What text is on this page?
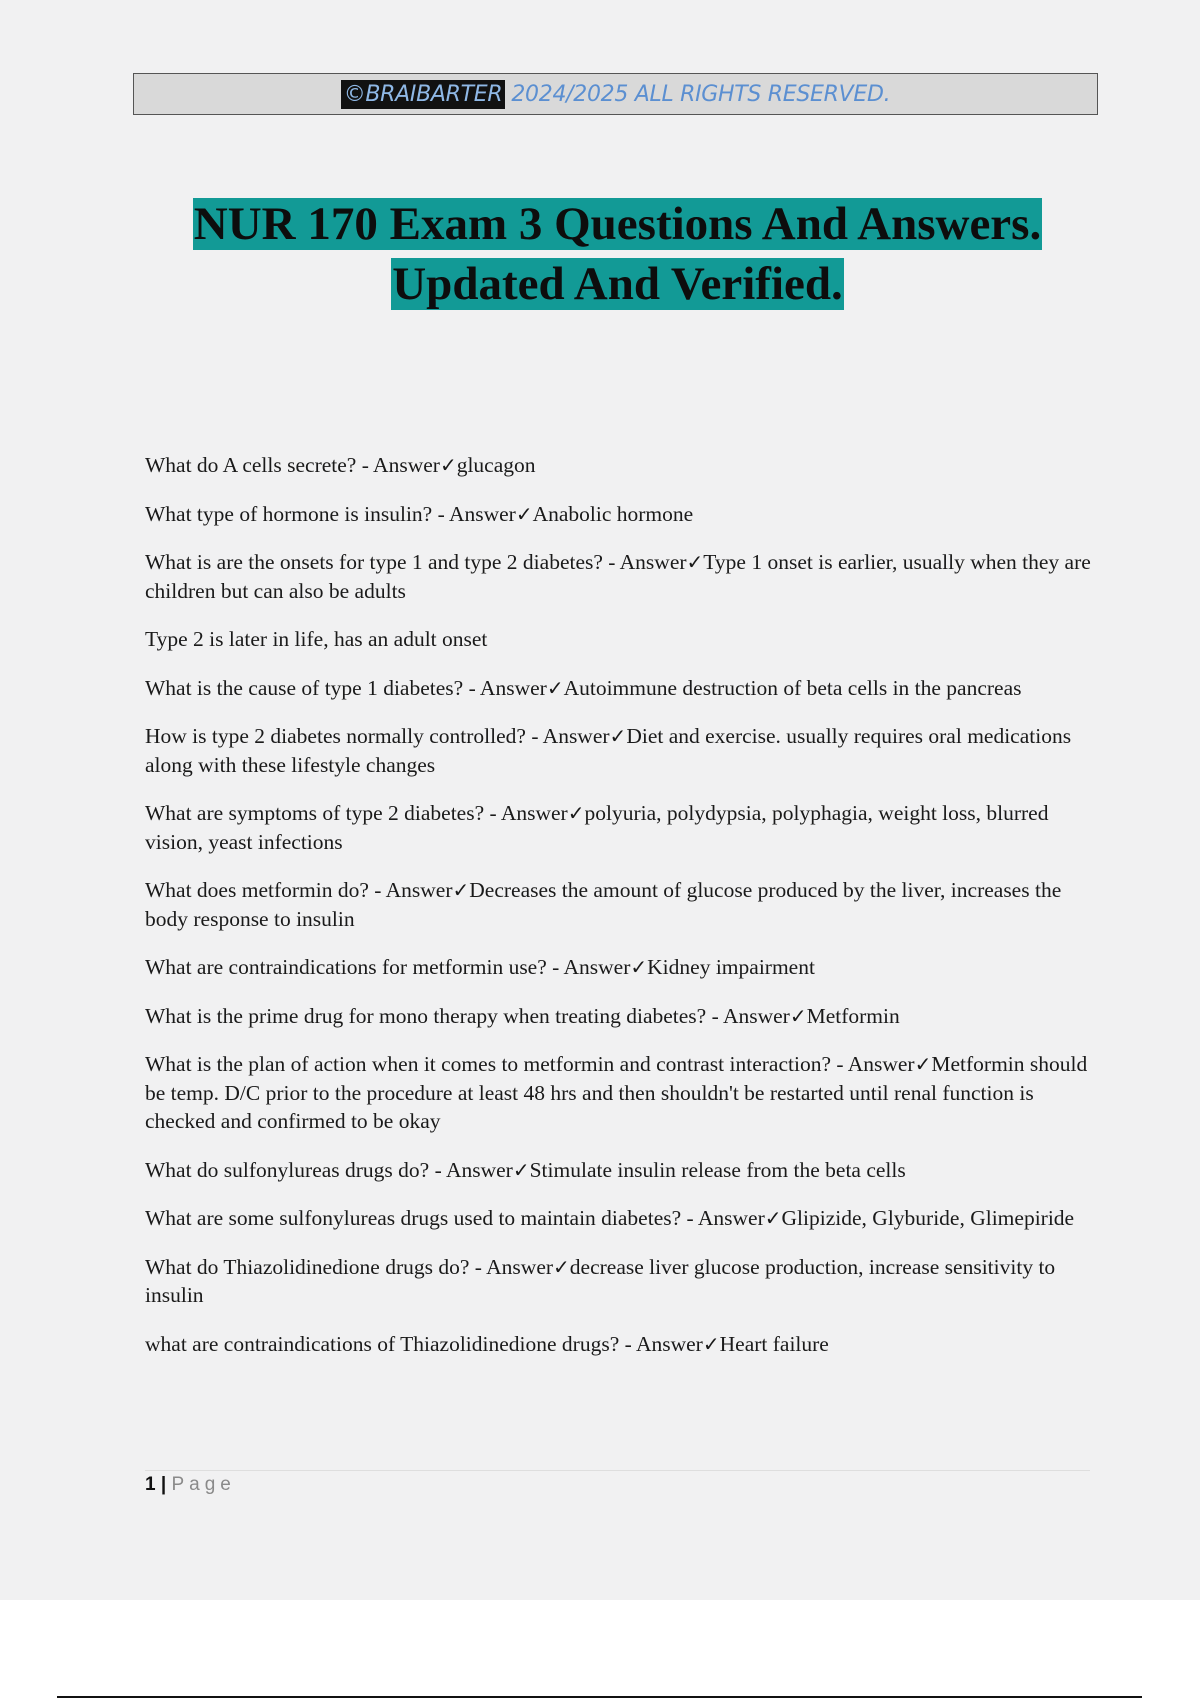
©BRAIBARTER 2024/2025 ALL RIGHTS RESERVED.
NUR 170 Exam 3 Questions And Answers.
Updated And Verified.
What do A cells secrete? - Answer✓glucagon
What type of hormone is insulin? - Answer✓Anabolic hormone
What is are the onsets for type 1 and type 2 diabetes? - Answer✓Type 1 onset is earlier, usually when they are children but can also be adults
Type 2 is later in life, has an adult onset
What is the cause of type 1 diabetes? - Answer✓Autoimmune destruction of beta cells in the pancreas
How is type 2 diabetes normally controlled? - Answer✓Diet and exercise. usually requires oral medications along with these lifestyle changes
What are symptoms of type 2 diabetes? - Answer✓polyuria, polydypsia, polyphagia, weight loss, blurred vision, yeast infections
What does metformin do? - Answer✓Decreases the amount of glucose produced by the liver, increases the body response to insulin
What are contraindications for metformin use? - Answer✓Kidney impairment
What is the prime drug for mono therapy when treating diabetes? - Answer✓Metformin
What is the plan of action when it comes to metformin and contrast interaction? - Answer✓Metformin should be temp. D/C prior to the procedure at least 48 hrs and then shouldn't be restarted until renal function is checked and confirmed to be okay
What do sulfonylureas drugs do? - Answer✓Stimulate insulin release from the beta cells
What are some sulfonylureas drugs used to maintain diabetes? - Answer✓Glipizide, Glyburide, Glimepiride
What do Thiazolidinedione drugs do? - Answer✓decrease liver glucose production, increase sensitivity to insulin
what are contraindications of Thiazolidinedione drugs? - Answer✓Heart failure
1 | Page
